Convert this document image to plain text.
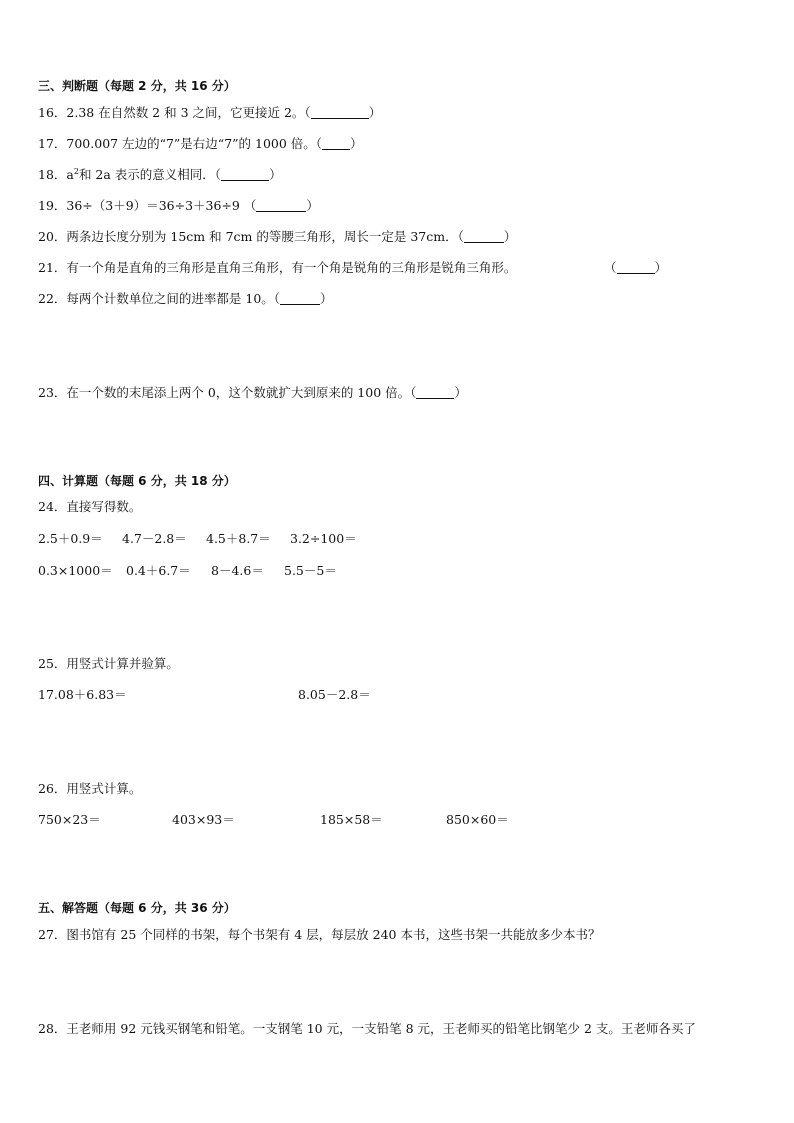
三、判断题（每题 2 分，共 16 分）
16．2.38 在自然数 2 和 3 之间，它更接近 2。（	）
17．700.007 左边的“7”是右边“7”的 1000 倍。（ ）
18．$a^2$和 2a 表示的意义相同．（	）
19．36÷（3＋9）＝36÷3＋36÷9 （	）
20．两条边长度分别为 15cm 和 7cm 的等腰三角形，周长一定是 37cm．（	）
21．有一个角是直角的三角形是直角三角形，有一个角是锐角的三角形是锐角三角形。	（	）
22．每两个计数单位之间的进率都是 10。（	）
23．在一个数的末尾添上两个 0，这个数就扩大到原来的 100 倍。（	）
四、计算题（每题 6 分，共 18 分）
24．直接写得数。
2.5＋0.9＝ 4.7－2.8＝ 4.5＋8.7＝ 3.2÷100＝
0.3×1000＝ 0.4＋6.7＝ 8－4.6＝ 5.5－5＝
25．用竖式计算并验算。
17.08＋6.83＝	8.05－2.8＝
26．用竖式计算。
750×23＝	403×93＝	185×58＝	850×60＝
五、解答题（每题 6 分，共 36 分）
27．图书馆有 25 个同样的书架，每个书架有 4 层，每层放 240 本书，这些书架一共能放多少本书？
28．王老师用 92 元钱买钢笔和铅笔。一支钢笔 10 元，一支铅笔 8 元，王老师买的铅笔比钢笔少 2 支。王老师各买了
